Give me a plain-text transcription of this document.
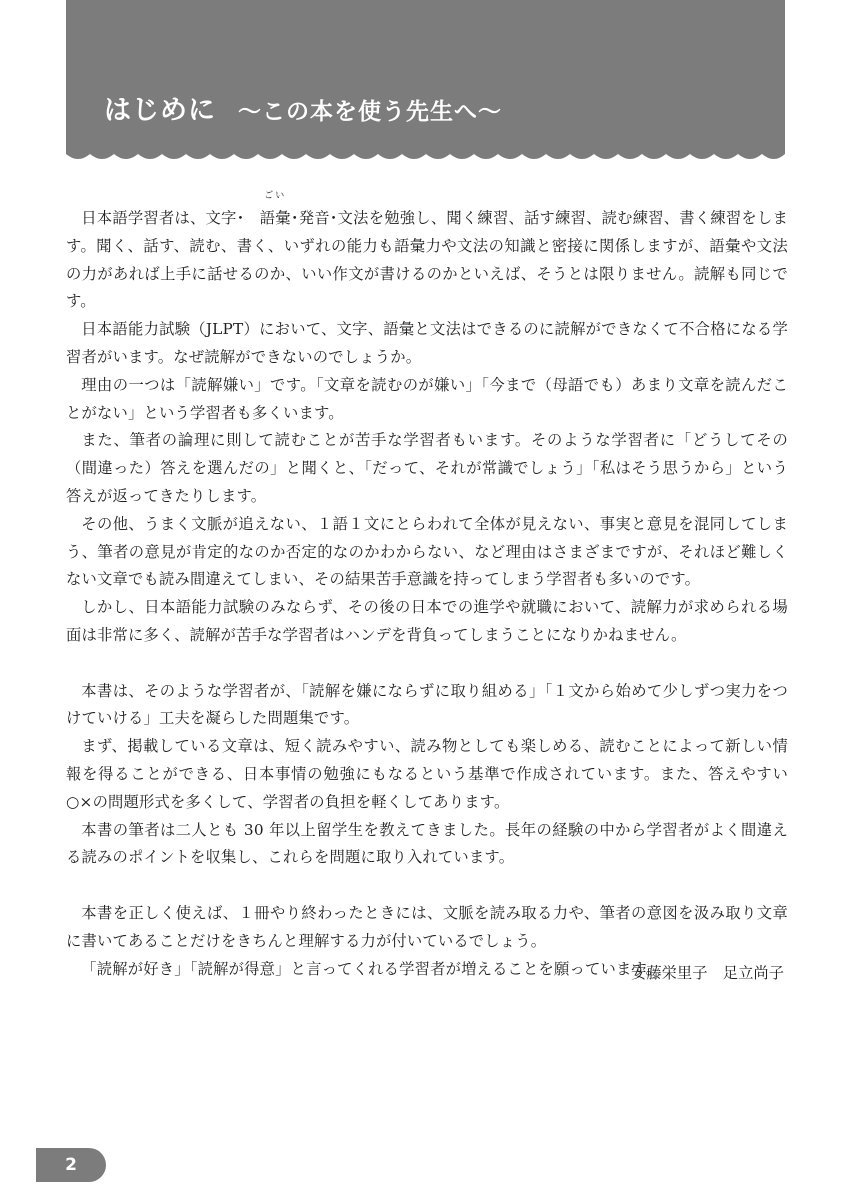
はじめに ～この本を使う先生へ～

日本語学習者は、文字･
ごい
語彙･発音･文法を勉強し、聞く練習、話す練習、読む練習、書く練習をします。聞く、話す、読む、書く、いずれの能力も語彙力や文法の知識と密接に関係しますが、語彙や文法の力があれば上手に話せるのか、いい作文が書けるのかといえば、そうとは限りません。読解も同じです。

日本語能力試験（JLPT）において、文字、語彙と文法はできるのに読解ができなくて不合格になる学習者がいます。なぜ読解ができないのでしょうか。

理由の一つは「読解嫌い」です。「文章を読むのが嫌い」「今まで（母語でも）あまり文章を読んだことがない」という学習者も多くいます。

また、筆者の論理に則して読むことが苦手な学習者もいます。そのような学習者に「どうしてその（間違った）答えを選んだの」と聞くと、「だって、それが常識でしょう」「私はそう思うから」という答えが返ってきたりします。

その他、うまく文脈が追えない、１語１文にとらわれて全体が見えない、事実と意見を混同してしまう、筆者の意見が肯定的なのか否定的なのかわからない、など理由はさまざまですが、それほど難しくない文章でも読み間違えてしまい、その結果苦手意識を持ってしまう学習者も多いのです。

しかし、日本語能力試験のみならず、その後の日本での進学や就職において、読解力が求められる場面は非常に多く、読解が苦手な学習者はハンデを背負ってしまうことになりかねません。

本書は、そのような学習者が、「読解を嫌にならずに取り組める」「１文から始めて少しずつ実力をつけていける」工夫を凝らした問題集です。

まず、掲載している文章は、短く読みやすい、読み物としても楽しめる、読むことによって新しい情報を得ることができる、日本事情の勉強にもなるという基準で作成されています。また、答えやすい○×の問題形式を多くして、学習者の負担を軽くしてあります。

本書の筆者は二人とも 30 年以上留学生を教えてきました。長年の経験の中から学習者がよく間違える読みのポイントを収集し、これらを問題に取り入れています。

本書を正しく使えば、１冊やり終わったときには、文脈を読み取る力や、筆者の意図を汲み取り文章に書いてあることだけをきちんと理解する力が付いているでしょう。

「読解が好き」「読解が得意」と言ってくれる学習者が増えることを願っています。

安藤栄里子　足立尚子
2
